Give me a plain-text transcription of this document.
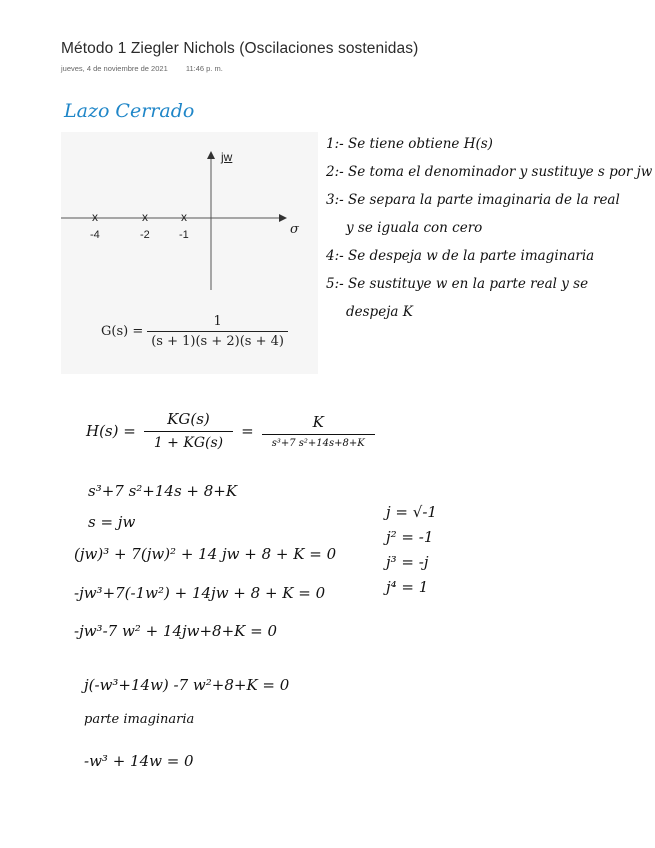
Método 1 Ziegler Nichols (Oscilaciones sostenidas)
jueves, 4 de noviembre de 2021 11:46 p. m.
Lazo Cerrado
jw
σ
x	x	x
-4	-2	-1
$G(s) = \frac{1}{(s + 1)(s + 2)(s + 4)}$
1:- Se tiene obtiene H(s)
2:- Se toma el denominador y sustituye s por jw
3:- Se separa la parte imaginaria de la real
y se iguala con cero
4:- Se despeja w de la parte imaginaria
5:- Se sustituye w en la parte real y se
despeja K
$H(s) = \frac{KG(s)}{1 + KG(s)}$ =	K
s³+7 s²+14s+8+K
s³+7 s²+14s + 8+K
s = jw
(jw)³ + 7(jw)² + 14 jw + 8 + K = 0
-jw³+7(-1w²) + 14jw + 8 + K = 0
-jw³-7 w² + 14jw+8+K = 0
j(-w³+14w) -7 w²+8+K = 0
parte imaginaria
-w³ + 14w = 0
j = √-1
j² = -1
j³ = -j
j⁴ = 1
